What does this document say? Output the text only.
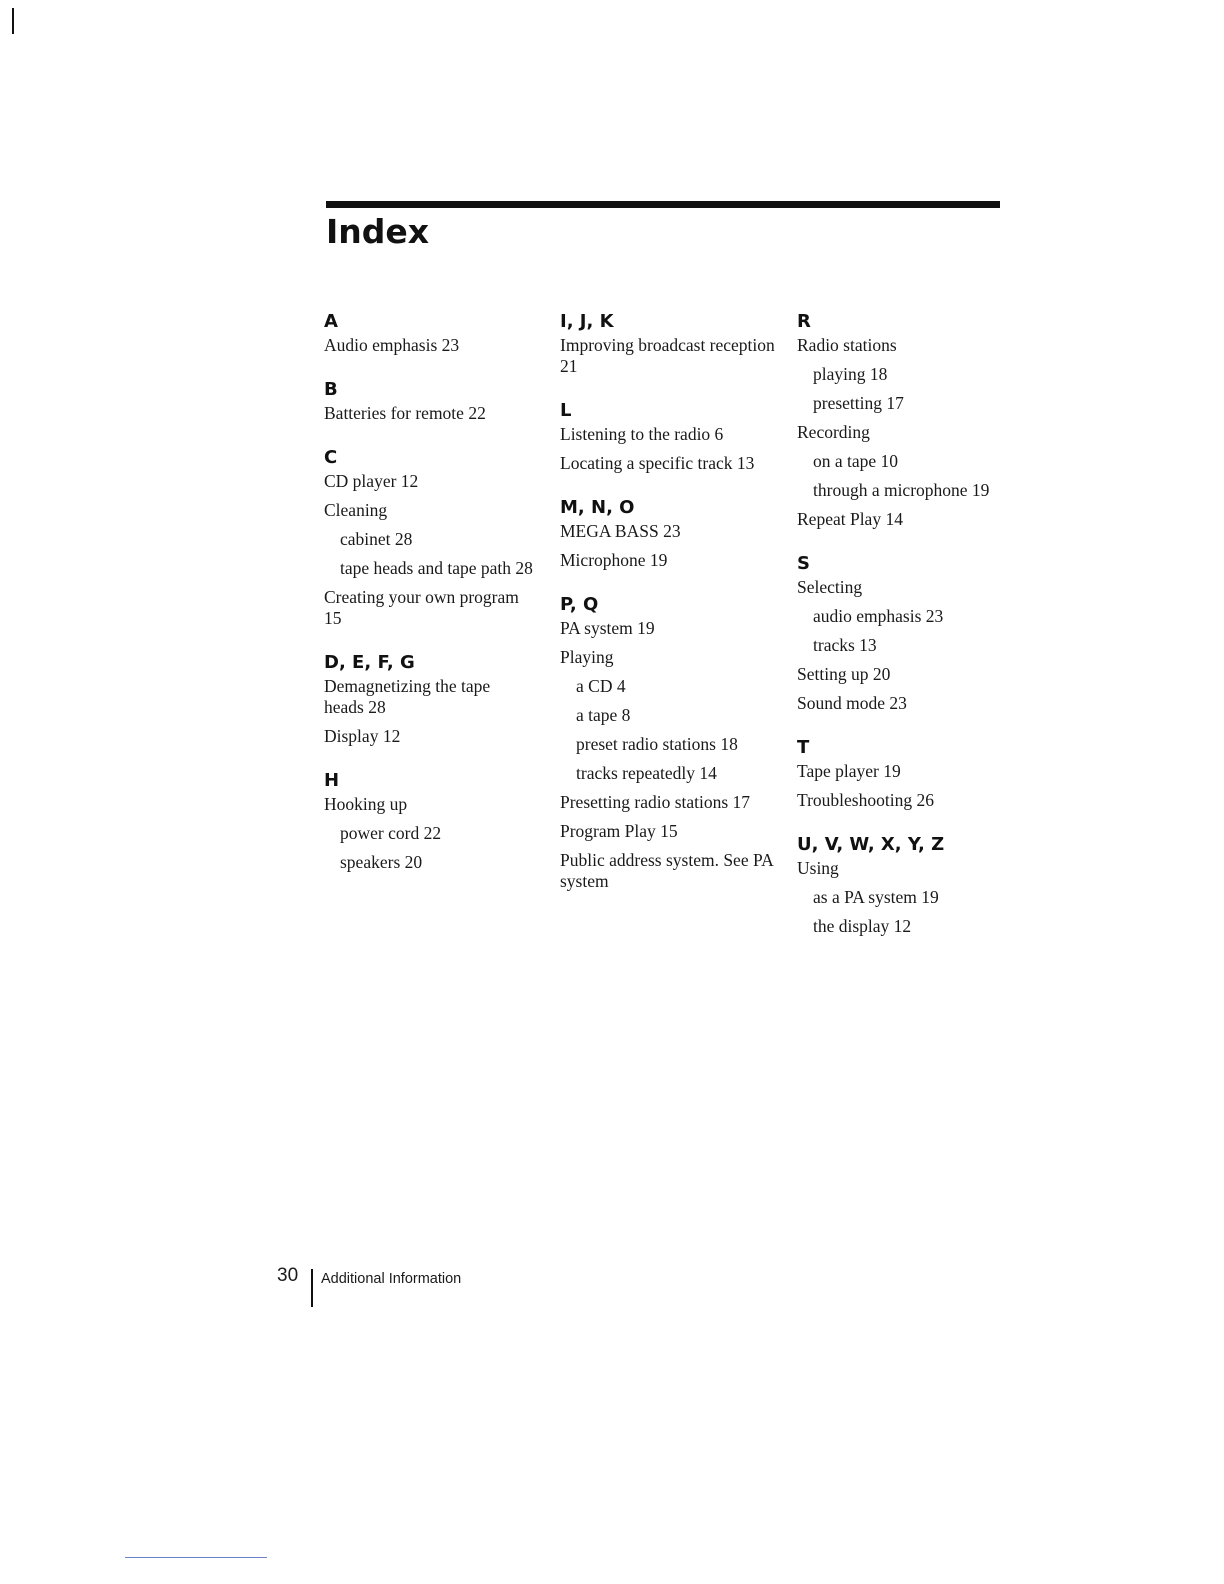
Index
A
Audio emphasis 23
B
Batteries for remote 22
C
CD player 12
Cleaning
cabinet 28
tape heads and tape path 28
Creating your own program 15
D, E, F, G
Demagnetizing the tape heads 28
Display 12
H
Hooking up
power cord 22
speakers 20
I, J, K
Improving broadcast reception 21
L
Listening to the radio 6
Locating a specific track 13
M, N, O
MEGA BASS 23
Microphone 19
P, Q
PA system 19
Playing
a CD 4
a tape 8
preset radio stations 18
tracks repeatedly 14
Presetting radio stations 17
Program Play 15
Public address system. See PA system
R
Radio stations
playing 18
presetting 17
Recording
on a tape 10
through a microphone 19
Repeat Play 14
S
Selecting
audio emphasis 23
tracks 13
Setting up 20
Sound mode 23
T
Tape player 19
Troubleshooting 26
U, V, W, X, Y, Z
Using
as a PA system 19
the display 12
30 Additional Information
